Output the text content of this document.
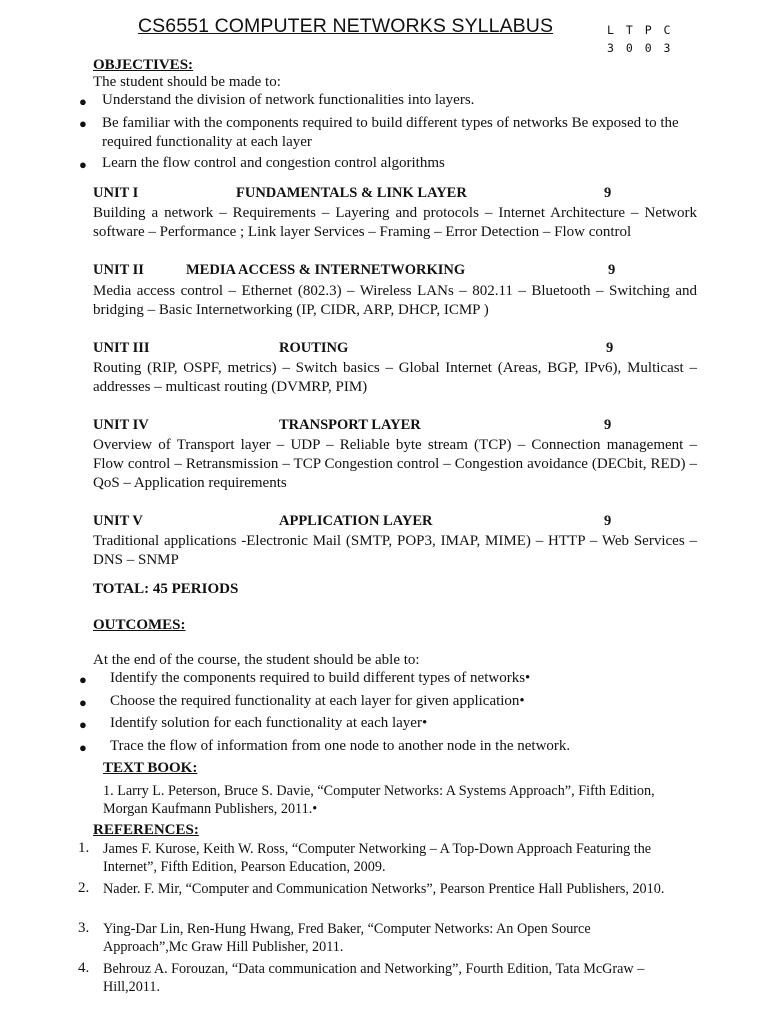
CS6551 COMPUTER NETWORKS SYLLABUS	L T P C
3 0 0 3
OBJECTIVES:
The student should be made to:
● Understand the division of network functionalities into layers.
● Be familiar with the components required to build different types of networks Be exposed to the required functionality at each layer
● Learn the flow control and congestion control algorithms
UNIT I	FUNDAMENTALS & LINK LAYER	9
Building a network – Requirements – Layering and protocols – Internet Architecture – Network software – Performance ; Link layer Services – Framing – Error Detection – Flow control
UNIT II	MEDIA ACCESS & INTERNETWORKING	9
Media access control – Ethernet (802.3) – Wireless LANs – 802.11 – Bluetooth – Switching and bridging – Basic Internetworking (IP, CIDR, ARP, DHCP, ICMP )
UNIT III	ROUTING	9
Routing (RIP, OSPF, metrics) – Switch basics – Global Internet (Areas, BGP, IPv6), Multicast – addresses – multicast routing (DVMRP, PIM)
UNIT IV	TRANSPORT LAYER	9
Overview of Transport layer – UDP – Reliable byte stream (TCP) – Connection management – Flow control – Retransmission – TCP Congestion control – Congestion avoidance (DECbit, RED) – QoS – Application requirements
UNIT V	APPLICATION LAYER	9
Traditional applications -Electronic Mail (SMTP, POP3, IMAP, MIME) – HTTP – Web Services – DNS – SNMP
TOTAL: 45 PERIODS
OUTCOMES:
At the end of the course, the student should be able to:
● Identify the components required to build different types of networks•
● Choose the required functionality at each layer for given application•
● Identify solution for each functionality at each layer•
● Trace the flow of information from one node to another node in the network.
TEXT BOOK:
1. Larry L. Peterson, Bruce S. Davie, “Computer Networks: A Systems Approach”, Fifth Edition, Morgan Kaufmann Publishers, 2011.•
REFERENCES:
1. James F. Kurose, Keith W. Ross, “Computer Networking – A Top-Down Approach Featuring the Internet”, Fifth Edition, Pearson Education, 2009.
2. Nader. F. Mir, “Computer and Communication Networks”, Pearson Prentice Hall Publishers, 2010.
3. Ying-Dar Lin, Ren-Hung Hwang, Fred Baker, “Computer Networks: An Open Source Approach”,Mc Graw Hill Publisher, 2011.
4. Behrouz A. Forouzan, “Data communication and Networking”, Fourth Edition, Tata McGraw – Hill,2011.
